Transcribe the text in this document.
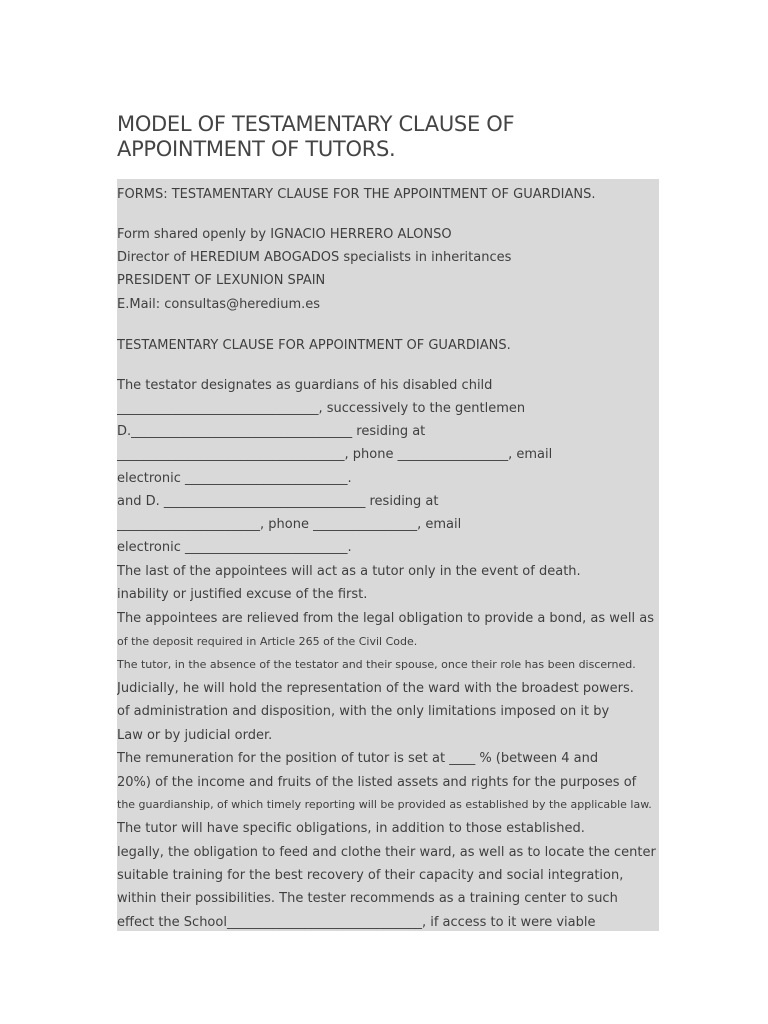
MODEL OF TESTAMENTARY CLAUSE OF
APPOINTMENT OF TUTORS.

FORMS: TESTAMENTARY CLAUSE FOR THE APPOINTMENT OF GUARDIANS.

Form shared openly by IGNACIO HERRERO ALONSO

Director of HEREDIUM ABOGADOS specialists in inheritances

PRESIDENT OF LEXUNION SPAIN

E.Mail: consultas@heredium.es

TESTAMENTARY CLAUSE FOR APPOINTMENT OF GUARDIANS.

The testator designates as guardians of his disabled child

_______________________________, successively to the gentlemen

D.__________________________________ residing at

___________________________________, phone _________________, email

electronic _________________________.

and D. _______________________________ residing at

______________________, phone ________________, email

electronic _________________________.

The last of the appointees will act as a tutor only in the event of death.

inability or justified excuse of the first.

The appointees are relieved from the legal obligation to provide a bond, as well as

of the deposit required in Article 265 of the Civil Code.

The tutor, in the absence of the testator and their spouse, once their role has been discerned.

Judicially, he will hold the representation of the ward with the broadest powers.

of administration and disposition, with the only limitations imposed on it by

Law or by judicial order.

The remuneration for the position of tutor is set at ____ % (between 4 and

20%) of the income and fruits of the listed assets and rights for the purposes of

the guardianship, of which timely reporting will be provided as established by the applicable law.

The tutor will have specific obligations, in addition to those established.

legally, the obligation to feed and clothe their ward, as well as to locate the center

suitable training for the best recovery of their capacity and social integration,

within their possibilities. The tester recommends as a training center to such

effect the School______________________________, if access to it were viable
